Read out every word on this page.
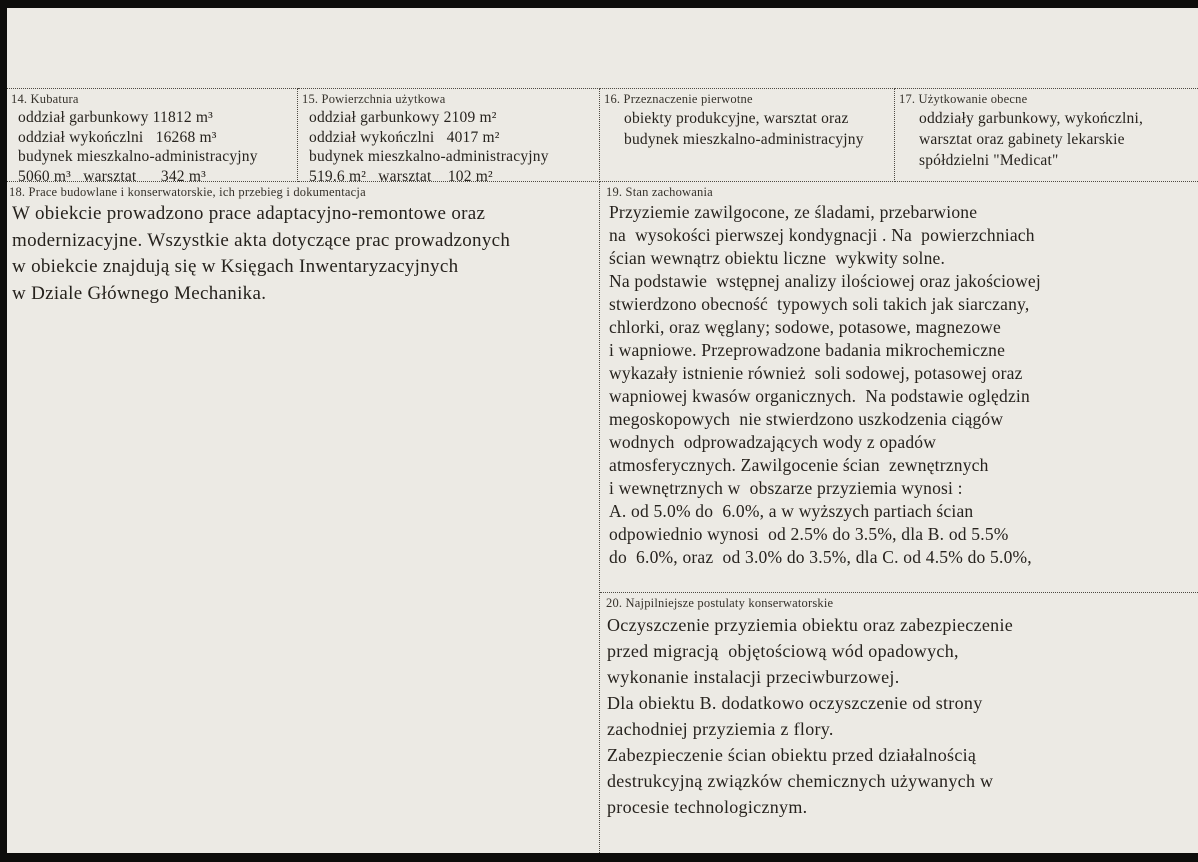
14. Kubatura
oddział garbunkowy 11812 m³
oddział wykończlni   16268 m³
budynek mieszkalno-administracyjny
5060 m³   warsztat      342 m³
15. Powierzchnia użytkowa
oddział garbunkowy 2109 m²
oddział wykończlni   4017 m²
budynek mieszkalno-administracyjny
519.6 m²   warsztat    102 m²
16. Przeznaczenie pierwotne
obiekty produkcyjne, warsztat oraz
budynek mieszkalno-administracyjny
17. Użytkowanie obecne
oddziały garbunkowy, wykończlni,
warsztat oraz gabinety lekarskie
spółdzielni "Medicat"
18. Prace budowlane i konserwatorskie, ich przebieg i dokumentacja
W obiekcie prowadzono prace adaptacyjno-remontowe oraz
modernizacyjne. Wszystkie akta dotyczące prac prowadzonych
w obiekcie znajdują się w Księgach Inwentaryzacyjnych
w Dziale Głównego Mechanika.
19. Stan zachowania
Przyziemie zawilgocone, ze śladami, przebarwione
na  wysokości pierwszej kondygnacji . Na  powierzchniach
ścian wewnątrz obiektu liczne  wykwity solne.
Na podstawie  wstępnej analizy ilościowej oraz jakościowej
stwierdzono obecność  typowych soli takich jak siarczany,
chlorki, oraz węglany; sodowe, potasowe, magnezowe
i wapniowe. Przeprowadzone badania mikrochemiczne
wykazały istnienie również  soli sodowej, potasowej oraz
wapniowej kwasów organicznych.  Na podstawie oględzin
megoskopowych  nie stwierdzono uszkodzenia ciągów
wodnych  odprowadzających wody z opadów
atmosferycznych. Zawilgocenie ścian  zewnętrznych
i wewnętrznych w  obszarze przyziemia wynosi :
A. od 5.0% do  6.0%, a w wyższych partiach ścian
odpowiednio wynosi  od 2.5% do 3.5%, dla B. od 5.5%
do  6.0%, oraz  od 3.0% do 3.5%, dla C. od 4.5% do 5.0%,
20. Najpilniejsze postulaty konserwatorskie
Oczyszczenie przyziemia obiektu oraz zabezpieczenie
przed migracją  objętościową wód opadowych,
wykonanie instalacji przeciwburzowej.
Dla obiektu B. dodatkowo oczyszczenie od strony
zachodniej przyziemia z flory.
Zabezpieczenie ścian obiektu przed działalnością
destrukcyjną związków chemicznych używanych w
procesie technologicznym.
